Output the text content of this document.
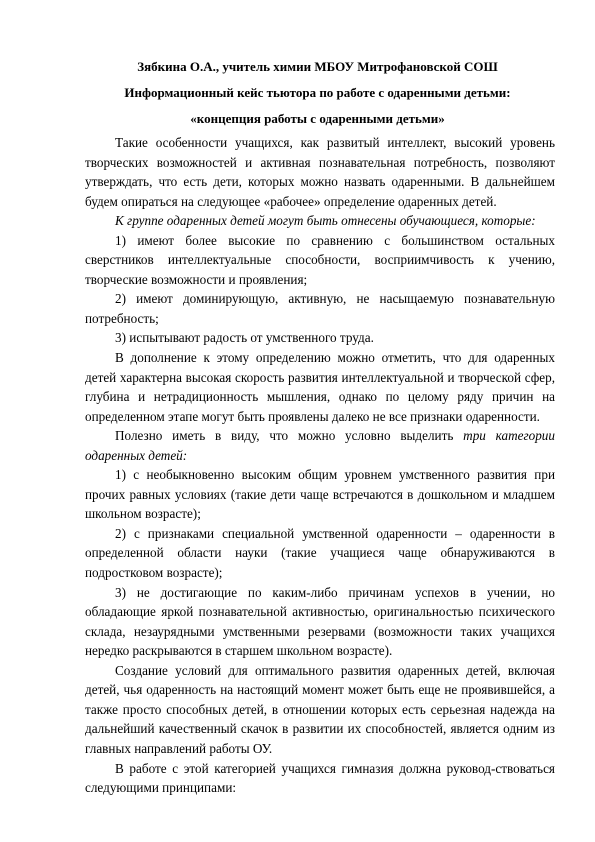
Зябкина О.А., учитель химии МБОУ Митрофановской СОШ
Информационный кейс тьютора по работе с одаренными детьми:
«концепция работы с одаренными детьми»

Такие особенности учащихся, как развитый интеллект, высокий уровень творческих возможностей и активная познавательная потребность, позволяют утверждать, что есть дети, которых можно назвать одаренными. В дальнейшем будем опираться на следующее «рабочее» определение одаренных детей.

К группе одаренных детей могут быть отнесены обучающиеся, которые:

1) имеют более высокие по сравнению с большинством остальных сверстников интеллектуальные способности, восприимчивость к учению, творческие возможности и проявления;

2) имеют доминирующую, активную, не насыщаемую познавательную потребность;

3) испытывают радость от умственного труда.

В дополнение к этому определению можно отметить, что для одаренных детей характерна высокая скорость развития интеллектуальной и творческой сфер, глубина и нетрадиционность мышления, однако по целому ряду причин на определенном этапе могут быть проявлены далеко не все признаки одаренности.

Полезно иметь в виду, что можно условно выделить три категории одаренных детей:

1) с необыкновенно высоким общим уровнем умственного развития при прочих равных условиях (такие дети чаще встречаются в дошкольном и младшем школьном возрасте);

2) с признаками специальной умственной одаренности – одаренности в определенной области науки (такие учащиеся чаще обнаруживаются в подростковом возрасте);

3) не достигающие по каким-либо причинам успехов в учении, но обладающие яркой познавательной активностью, оригинальностью психического склада, незаурядными умственными резервами (возможности таких учащихся нередко раскрываются в старшем школьном возрасте).

Создание условий для оптимального развития одаренных детей, включая детей, чья одаренность на настоящий момент может быть еще не проявившейся, а также просто способных детей, в отношении которых есть серьезная надежда на дальнейший качественный скачок в развитии их способностей, является одним из главных направлений работы ОУ.

В работе с этой категорией учащихся гимназия должна руковод-ствоваться следующими принципами:
